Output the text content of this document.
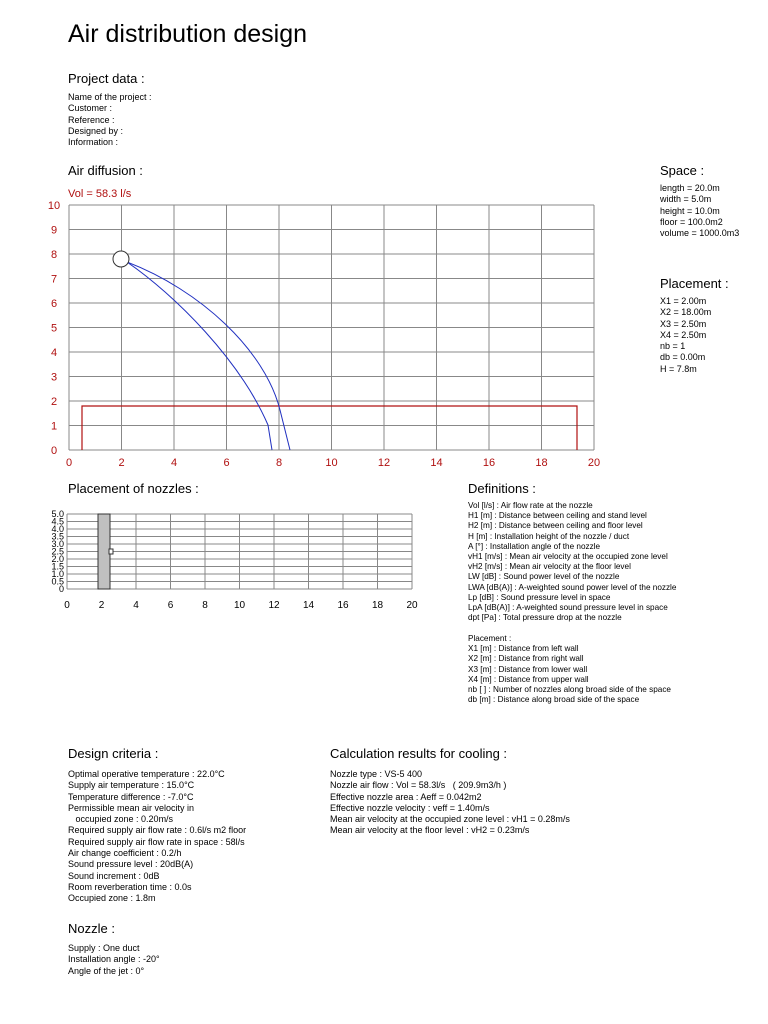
Air distribution design
Project data :
Name of the project :
Customer :
Reference :
Designed by :
Information :
Air diffusion :
Vol = 58.3 l/s
10
9
8
7
6
5
4
3
2
1
0
0	2	4	6	8	10	12	14	16	18	20
Space :
length = 20.0m
width = 5.0m
height = 10.0m
floor = 100.0m2
volume = 1000.0m3
Placement :
X1 = 2.00m
X2 = 18.00m
X3 = 2.50m
X4 = 2.50m
nb = 1
db = 0.00m
H = 7.8m
Placement of nozzles :
5.0
4.5
4.0
3.5
3.0
2.5
2.0
1.5
1.0
0.5
0
0	2	4	6	8	10 12 14 16 18 20
Definitions :
Vol [l/s] : Air flow rate at the nozzle
H1 [m] : Distance between ceiling and stand level
H2 [m] : Distance between ceiling and floor level
H [m] : Installation height of the nozzle / duct
A [°] : Installation angle of the nozzle
vH1 [m/s] : Mean air velocity at the occupied zone level
vH2 [m/s] : Mean air velocity at the floor level
LW [dB] : Sound power level of the nozzle
LWA [dB(A)] : A-weighted sound power level of the nozzle
Lp [dB] : Sound pressure level in space
LpA [dB(A)] : A-weighted sound pressure level in space
dpt [Pa] : Total pressure drop at the nozzle
Placement :
X1 [m] : Distance from left wall
X2 [m] : Distance from right wall
X3 [m] : Distance from lower wall
X4 [m] : Distance from upper wall
nb [ ] : Number of nozzles along broad side of the space
db [m] : Distance along broad side of the space
Design criteria :
Optimal operative temperature : 22.0°C
Supply air temperature : 15.0°C
Temperature difference : -7.0°C
Permissible mean air velocity in
occupied zone : 0.20m/s
Required supply air flow rate : 0.6l/s m2 floor
Required supply air flow rate in space : 58l/s
Air change coefficient : 0.2/h
Sound pressure level : 20dB(A)
Sound increment : 0dB
Room reverberation time : 0.0s
Occupied zone : 1.8m
Calculation results for cooling :
Nozzle type : VS-5 400
Nozzle air flow : Vol = 58.3l/s   ( 209.9m3/h )
Effective nozzle area : Aeff = 0.042m2
Effective nozzle velocity : veff = 1.40m/s
Mean air velocity at the occupied zone level : vH1 = 0.28m/s
Mean air velocity at the floor level : vH2 = 0.23m/s
Nozzle :
Supply : One duct
Installation angle : -20°
Angle of the jet : 0°
